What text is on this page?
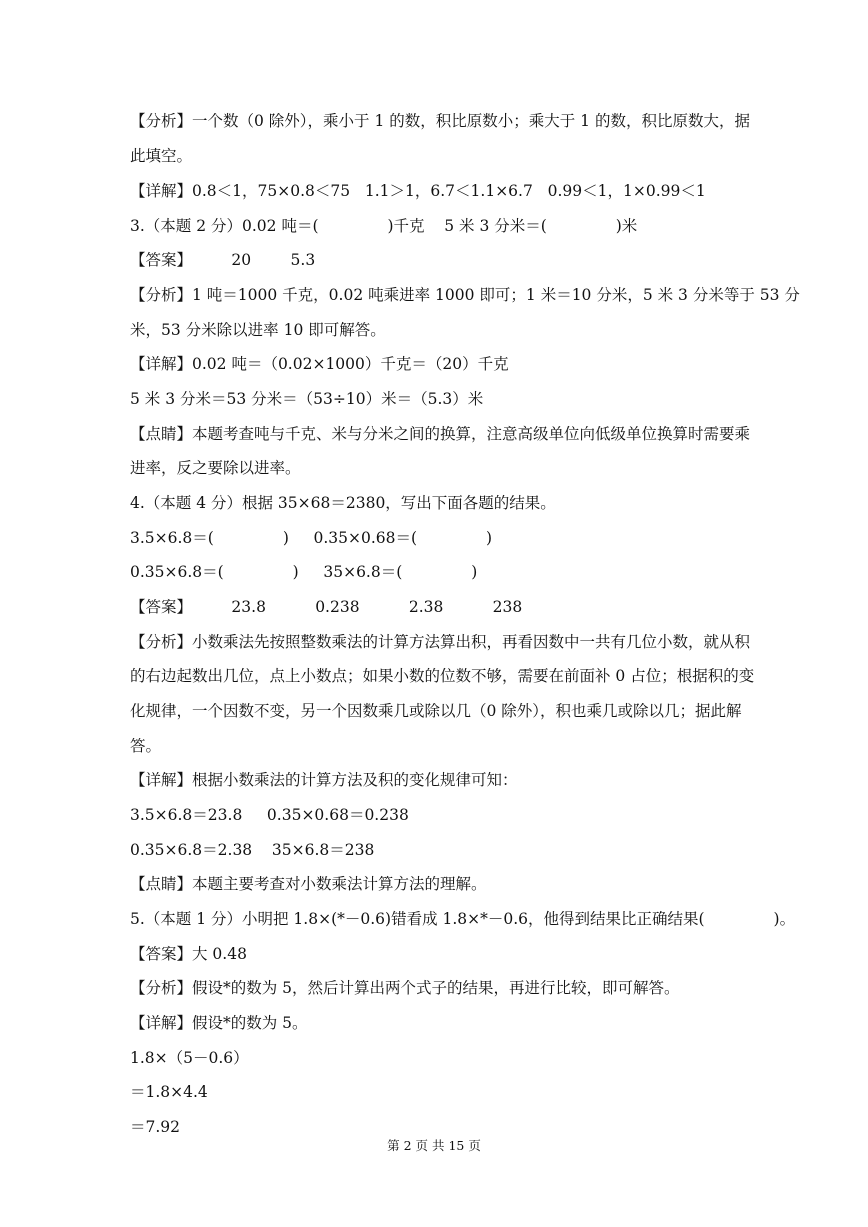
【分析】一个数（0 除外），乘小于 1 的数，积比原数小；乘大于 1 的数，积比原数大，据
此填空。
【详解】0.8＜1，75×0.8＜75   1.1＞1，6.7＜1.1×6.7   0.99＜1，1×0.99＜1
3.（本题 2 分）0.02 吨＝(              )千克    5 米 3 分米＝(              )米
【答案】        20        5.3
【分析】1 吨＝1000 千克，0.02 吨乘进率 1000 即可；1 米＝10 分米，5 米 3 分米等于 53 分
米，53 分米除以进率 10 即可解答。
【详解】0.02 吨＝（0.02×1000）千克＝（20）千克
5 米 3 分米＝53 分米＝（53÷10）米＝（5.3）米
【点睛】本题考查吨与千克、米与分米之间的换算，注意高级单位向低级单位换算时需要乘
进率，反之要除以进率。
4.（本题 4 分）根据 35×68＝2380，写出下面各题的结果。
3.5×6.8＝(              )     0.35×0.68＝(              )
0.35×6.8＝(              )     35×6.8＝(              )
【答案】        23.8          0.238          2.38          238
【分析】小数乘法先按照整数乘法的计算方法算出积，再看因数中一共有几位小数，就从积
的右边起数出几位，点上小数点；如果小数的位数不够，需要在前面补 0 占位；根据积的变
化规律，一个因数不变，另一个因数乘几或除以几（0 除外），积也乘几或除以几；据此解
答。
【详解】根据小数乘法的计算方法及积的变化规律可知：
3.5×6.8＝23.8     0.35×0.68＝0.238
0.35×6.8＝2.38    35×6.8＝238
【点睛】本题主要考查对小数乘法计算方法的理解。
5.（本题 1 分）小明把 1.8×(*－0.6)错看成 1.8×*－0.6，他得到结果比正确结果(              )。
【答案】大 0.48
【分析】假设*的数为 5，然后计算出两个式子的结果，再进行比较，即可解答。
【详解】假设*的数为 5。
1.8×（5－0.6）
＝1.8×4.4
＝7.92
第 2 页 共 15 页
